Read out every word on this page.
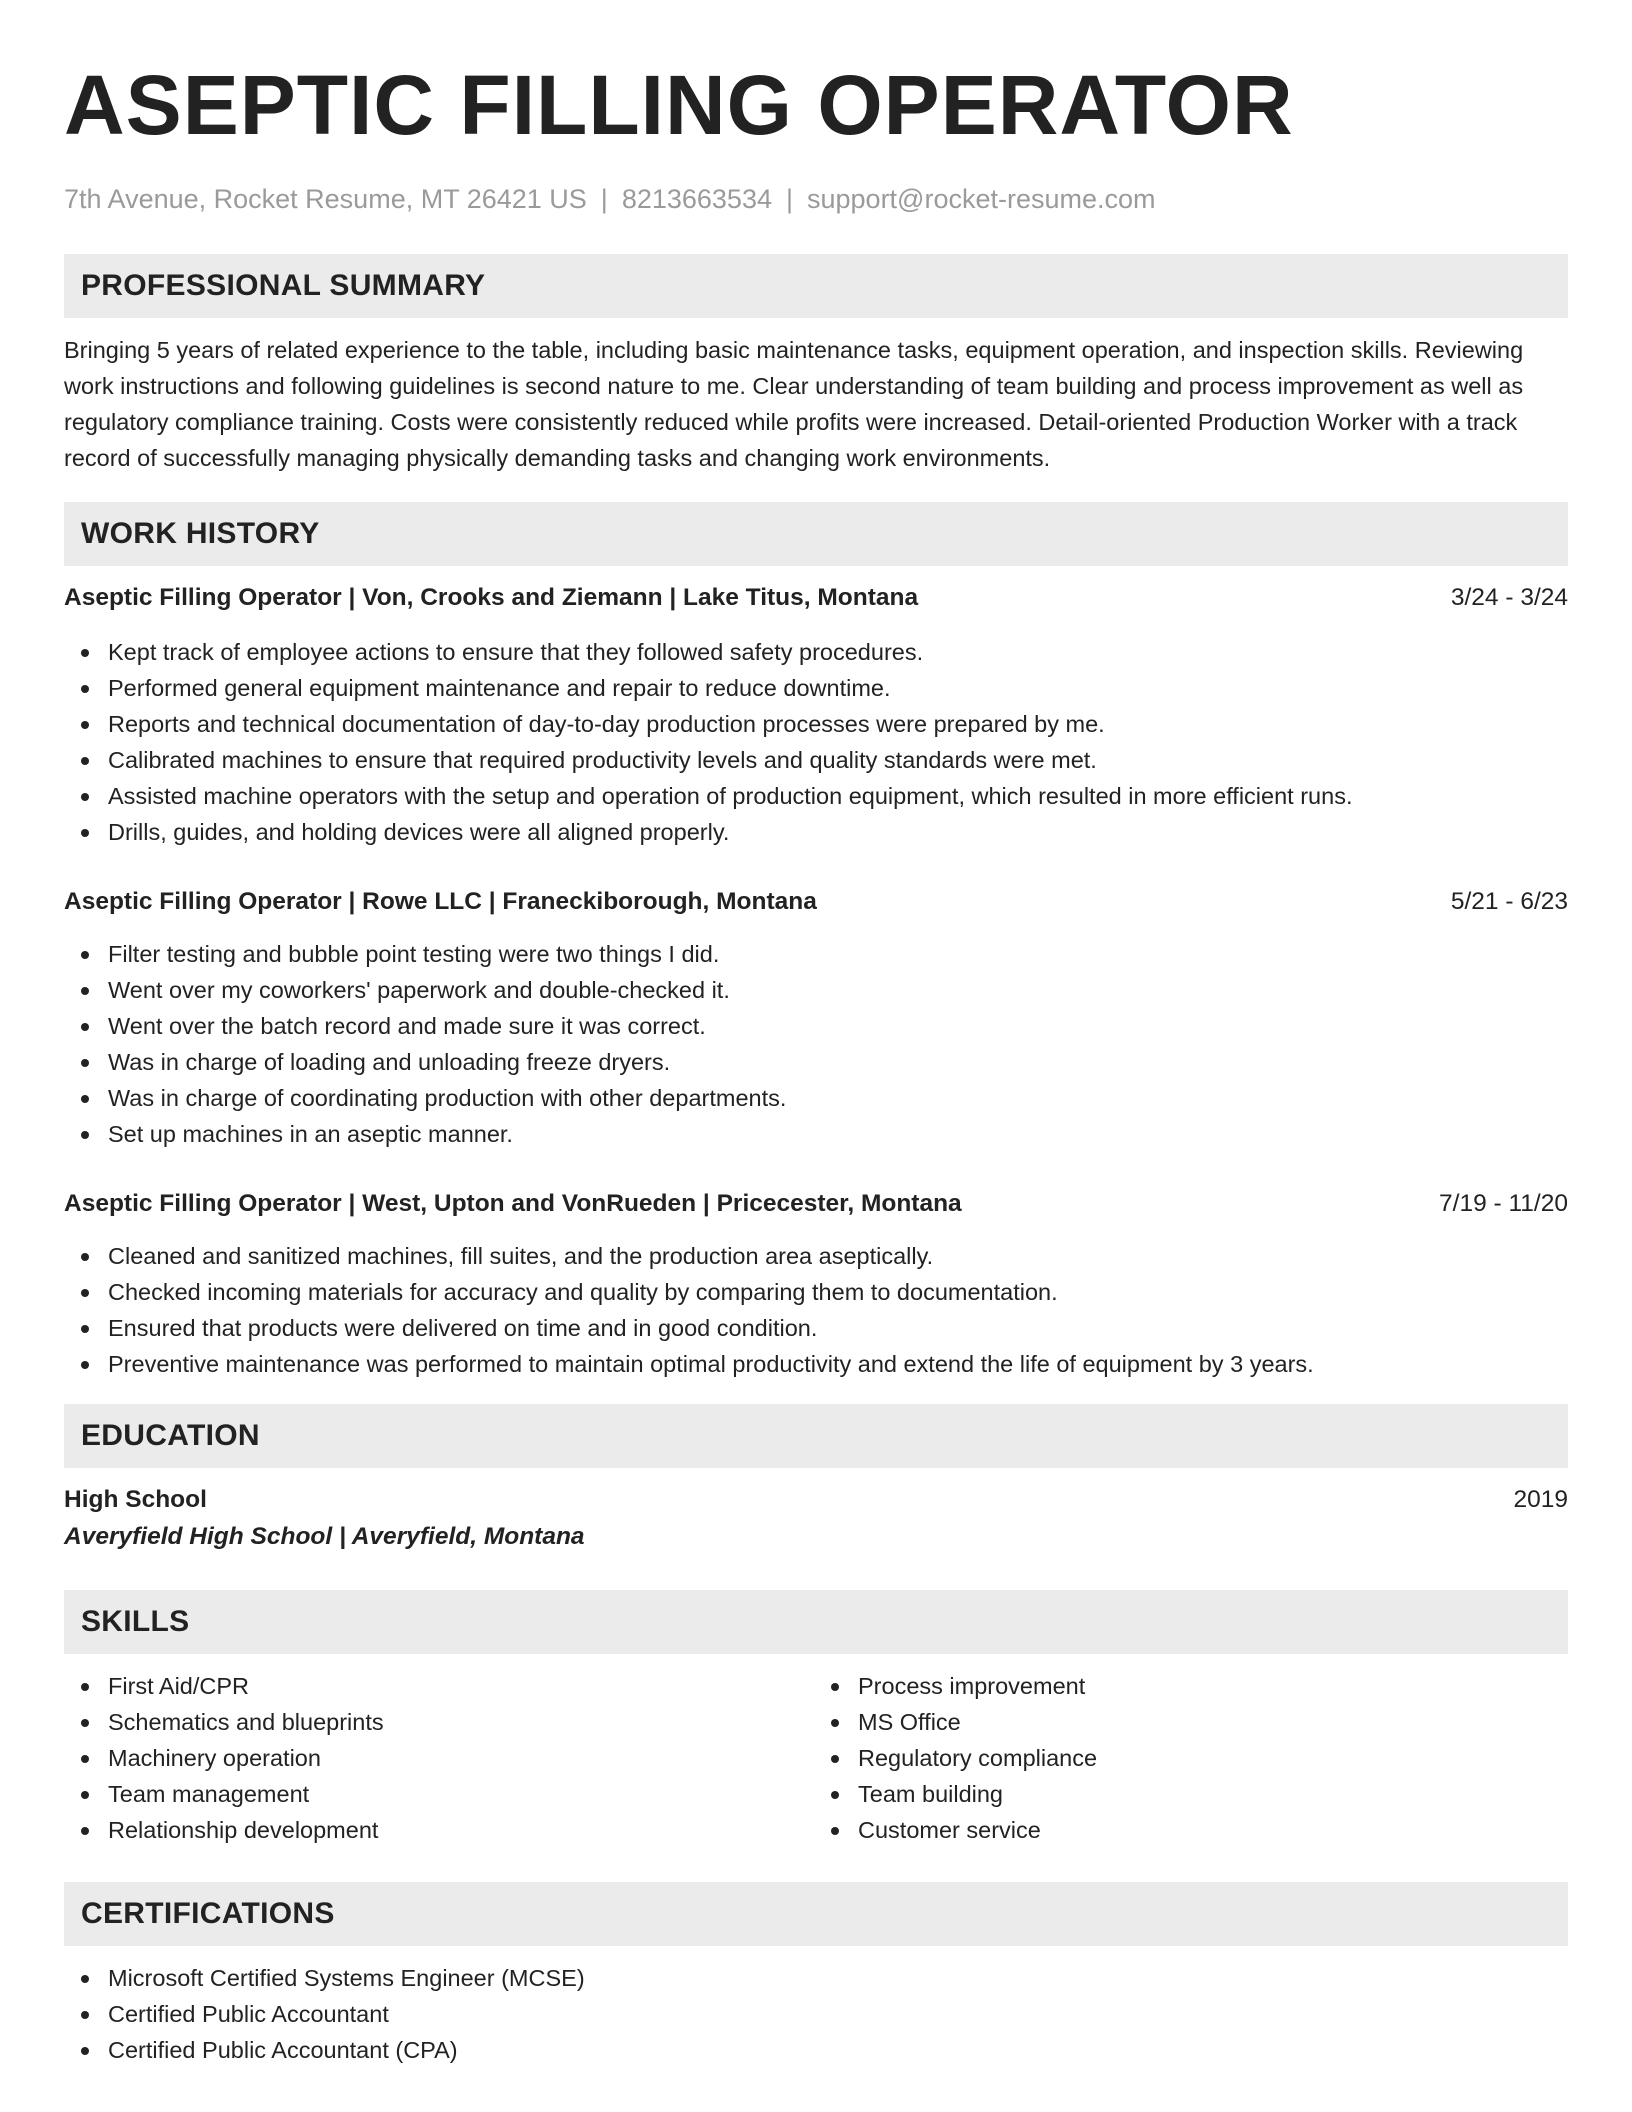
ASEPTIC FILLING OPERATOR
7th Avenue, Rocket Resume, MT 26421 US | 8213663534 | support@rocket-resume.com
PROFESSIONAL SUMMARY

Bringing 5 years of related experience to the table, including basic maintenance tasks, equipment operation, and inspection skills. Reviewing work instructions and following guidelines is second nature to me. Clear understanding of team building and process improvement as well as regulatory compliance training. Costs were consistently reduced while profits were increased. Detail-oriented Production Worker with a track record of successfully managing physically demanding tasks and changing work environments.

WORK HISTORY
Aseptic Filling Operator | Von, Crooks and Ziemann | Lake Titus, Montana	3/24 - 3/24
Kept track of employee actions to ensure that they followed safety procedures.
Performed general equipment maintenance and repair to reduce downtime.
Reports and technical documentation of day-to-day production processes were prepared by me.
Calibrated machines to ensure that required productivity levels and quality standards were met.
Assisted machine operators with the setup and operation of production equipment, which resulted in more efficient runs.
Drills, guides, and holding devices were all aligned properly.
Aseptic Filling Operator | Rowe LLC | Franeckiborough, Montana	5/21 - 6/23
Filter testing and bubble point testing were two things I did.
Went over my coworkers' paperwork and double-checked it.
Went over the batch record and made sure it was correct.
Was in charge of loading and unloading freeze dryers.
Was in charge of coordinating production with other departments.
Set up machines in an aseptic manner.
Aseptic Filling Operator | West, Upton and VonRueden | Pricecester, Montana	7/19 - 11/20
Cleaned and sanitized machines, fill suites, and the production area aseptically.
Checked incoming materials for accuracy and quality by comparing them to documentation.
Ensured that products were delivered on time and in good condition.
Preventive maintenance was performed to maintain optimal productivity and extend the life of equipment by 3 years.
EDUCATION
High School	2019
Averyfield High School | Averyfield, Montana
SKILLS
First Aid/CPR
Schematics and blueprints
Machinery operation
Team management
Relationship development
Process improvement
MS Office
Regulatory compliance
Team building
Customer service
CERTIFICATIONS
Microsoft Certified Systems Engineer (MCSE)
Certified Public Accountant
Certified Public Accountant (CPA)
